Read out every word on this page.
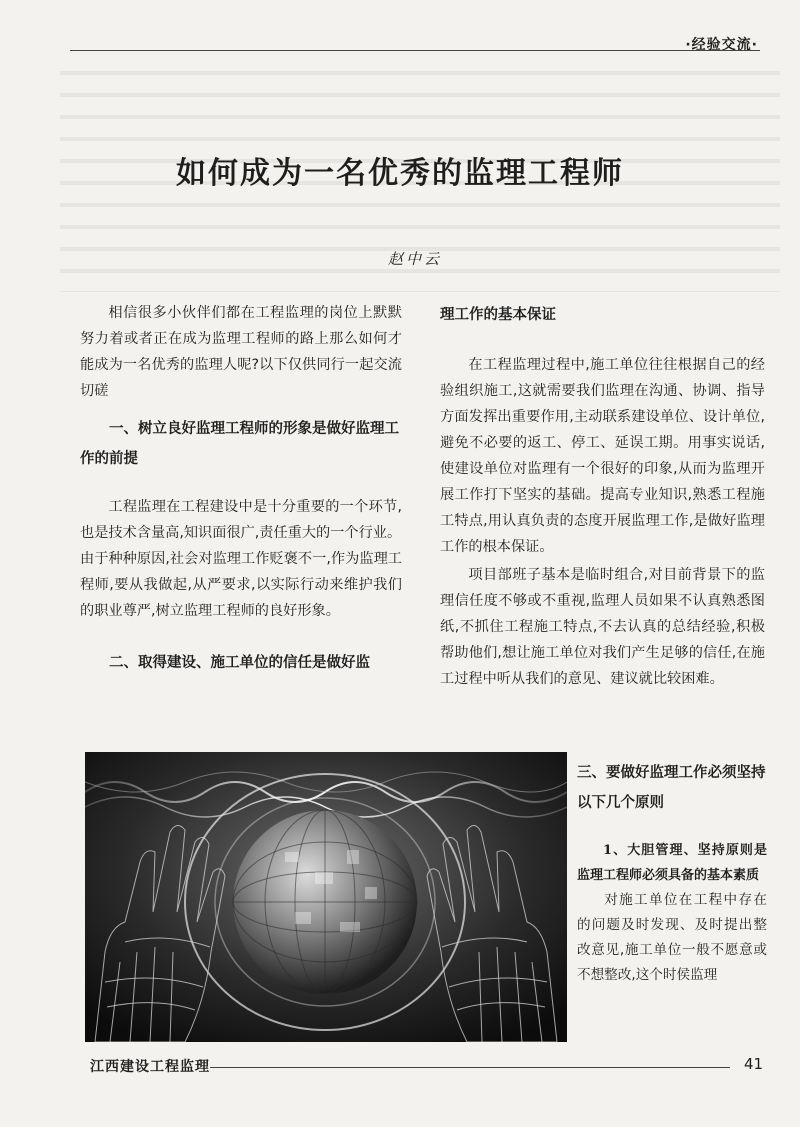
·经验交流·
如何成为一名优秀的监理工程师
赵中云

相信很多小伙伴们都在工程监理的岗位上默默努力着或者正在成为监理工程师的路上那么如何才能成为一名优秀的监理人呢?以下仅供同行一起交流切磋

一、树立良好监理工程师的形象是做好监理工作的前提

工程监理在工程建设中是十分重要的一个环节,也是技术含量高,知识面很广,责任重大的一个行业。

由于种种原因,社会对监理工作贬褒不一,作为监理工程师,要从我做起,从严要求,以实际行动来维护我们的职业尊严,树立监理工程师的良好形象。

二、取得建设、施工单位的信任是做好监

理工作的基本保证

在工程监理过程中,施工单位往往根据自己的经验组织施工,这就需要我们监理在沟通、协调、指导方面发挥出重要作用,主动联系建设单位、设计单位,避免不必要的返工、停工、延误工期。用事实说话,使建设单位对监理有一个很好的印象,从而为监理开展工作打下坚实的基础。提高专业知识,熟悉工程施工特点,用认真负责的态度开展监理工作,是做好监理工作的根本保证。

项目部班子基本是临时组合,对目前背景下的监理信任度不够或不重视,监理人员如果不认真熟悉图纸,不抓住工程施工特点,不去认真的总结经验,积极帮助他们,想让施工单位对我们产生足够的信任,在施工过程中听从我们的意见、建议就比较困难。

三、要做好监理工作必须坚持以下几个原则

1、大胆管理、坚持原则是监理工程师必须具备的基本素质

对施工单位在工程中存在的问题及时发现、及时提出整改意见,施工单位一般不愿意或不想整改,这个时侯监理

江西建设工程监理	41
